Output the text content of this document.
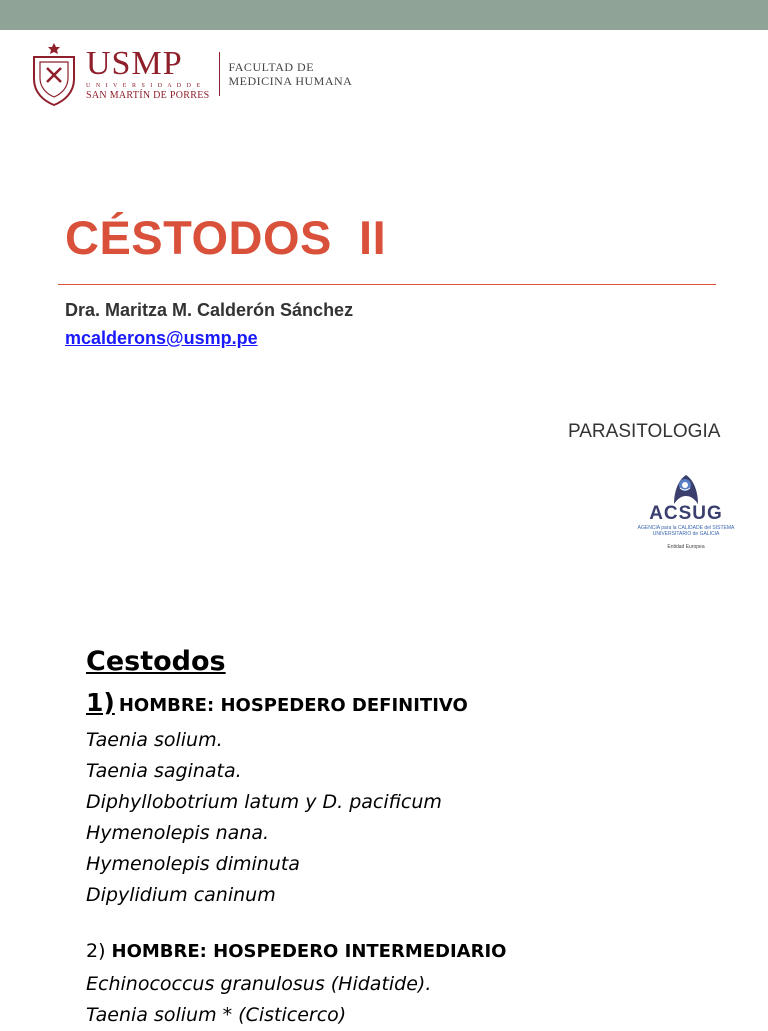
USMP
U N I V E R S I D A D D E
SAN MARTÍN DE PORRES
FACULTAD DE
MEDICINA HUMANA
CÉSTODOS  II
Dra. Maritza M. Calderón Sánchez
mcalderons@usmp.pe
PARASITOLOGIA
ACSUG
AGENCIA para la CALIDADE del SISTEMA
UNIVERSITARIO de GALICIA
Entidad Europea
Cestodos
1) HOMBRE: HOSPEDERO DEFINITIVO
Taenia solium.
Taenia saginata.
Diphyllobotrium latum y D. pacificum
Hymenolepis nana.
Hymenolepis diminuta
Dipylidium caninum
2) HOMBRE: HOSPEDERO INTERMEDIARIO
Echinococcus granulosus (Hidatide).
Taenia solium * (Cisticerco)
